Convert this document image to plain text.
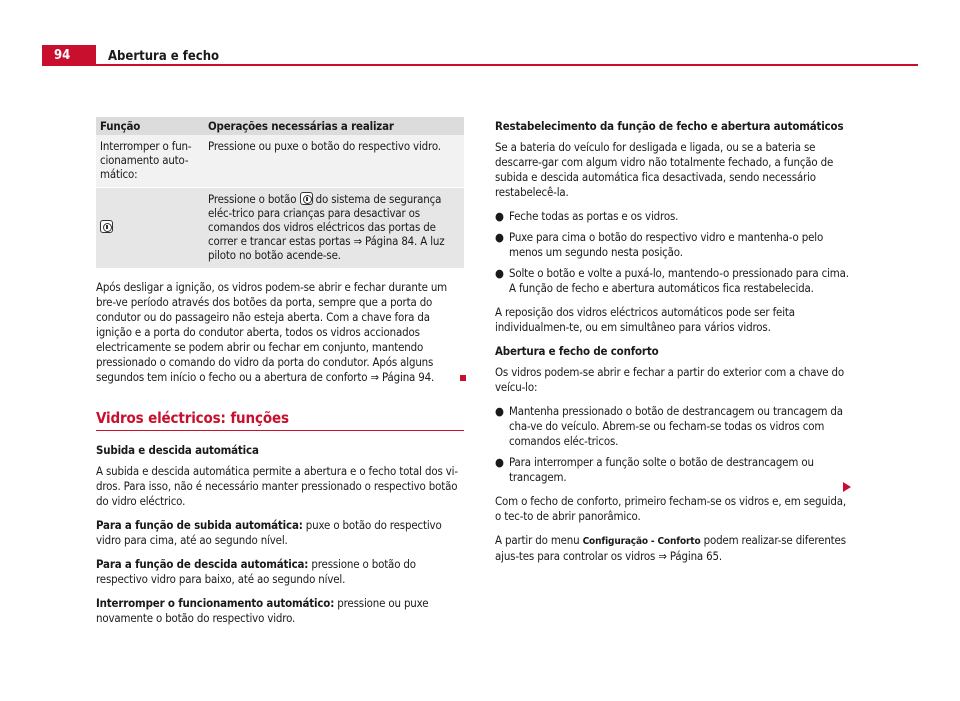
94	Abertura e fecho
Função	Operações necessárias a realizar
Interromper o fun-cionamento auto-mático:	Pressione ou puxe o botão do respectivo vidro.
	Pressione o botão do sistema de segurança eléc-trico para crianças para desactivar os comandos dos vidros eléctricos das portas de correr e trancar estas portas ⇒ Página 84. A luz piloto no botão acende-se.

Após desligar a ignição, os vidros podem-se abrir e fechar durante um bre-ve período através dos botões da porta, sempre que a porta do condutor ou do passageiro não esteja aberta. Com a chave fora da ignição e a porta do condutor aberta, todos os vidros accionados electricamente se podem abrir ou fechar em conjunto, mantendo pressionado o comando do vidro da porta do condutor. Após alguns segundos tem início o fecho ou a abertura de conforto ⇒ Página 94.

Vidros eléctricos: funções

Subida e descida automática

A subida e descida automática permite a abertura e o fecho total dos vi-dros. Para isso, não é necessário manter pressionado o respectivo botão do vidro eléctrico.

Para a função de subida automática: puxe o botão do respectivo vidro para cima, até ao segundo nível.

Para a função de descida automática: pressione o botão do respectivo vidro para baixo, até ao segundo nível.

Interromper o funcionamento automático: pressione ou puxe novamente o botão do respectivo vidro.

Restabelecimento da função de fecho e abertura automáticos

Se a bateria do veículo for desligada e ligada, ou se a bateria se descarre-gar com algum vidro não totalmente fechado, a função de subida e descida automática fica desactivada, sendo necessário restabelecê-la.

● Feche todas as portas e os vidros.
● Puxe para cima o botão do respectivo vidro e mantenha-o pelo menos um segundo nesta posição.
● Solte o botão e volte a puxá-lo, mantendo-o pressionado para cima. A função de fecho e abertura automáticos fica restabelecida.

A reposição dos vidros eléctricos automáticos pode ser feita individualmen-te, ou em simultâneo para vários vidros.

Abertura e fecho de conforto

Os vidros podem-se abrir e fechar a partir do exterior com a chave do veícu-lo:

● Mantenha pressionado o botão de destrancagem ou trancagem da cha-ve do veículo. Abrem-se ou fecham-se todas os vidros com comandos eléc-tricos.
● Para interromper a função solte o botão de destrancagem ou trancagem.

Com o fecho de conforto, primeiro fecham-se os vidros e, em seguida, o tec-to de abrir panorâmico.

A partir do menu Configuração - Conforto podem realizar-se diferentes ajus-tes para controlar os vidros ⇒ Página 65.
